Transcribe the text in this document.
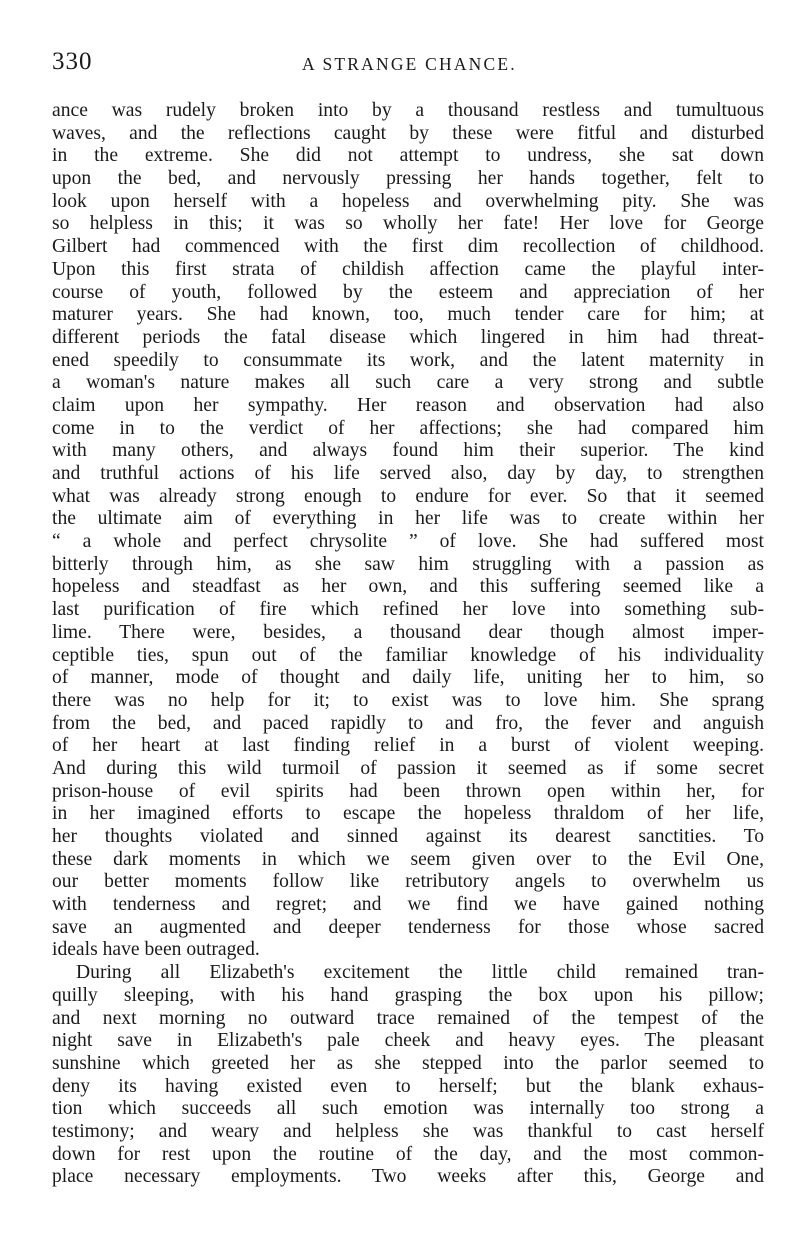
330	A STRANGE CHANCE.
ance was rudely broken into by a thousand restless and tumultuous
waves, and the reflections caught by these were fitful and disturbed
in the extreme. She did not attempt to undress, she sat down
upon the bed, and nervously pressing her hands together, felt to
look upon herself with a hopeless and overwhelming pity. She was
so helpless in this; it was so wholly her fate! Her love for George
Gilbert had commenced with the first dim recollection of childhood.
Upon this first strata of childish affection came the playful inter-
course of youth, followed by the esteem and appreciation of her
maturer years. She had known, too, much tender care for him; at
different periods the fatal disease which lingered in him had threat-
ened speedily to consummate its work, and the latent maternity in
a woman's nature makes all such care a very strong and subtle
claim upon her sympathy. Her reason and observation had also
come in to the verdict of her affections; she had compared him
with many others, and always found him their superior. The kind
and truthful actions of his life served also, day by day, to strengthen
what was already strong enough to endure for ever. So that it seemed
the ultimate aim of everything in her life was to create within her
“ a whole and perfect chrysolite ” of love. She had suffered most
bitterly through him, as she saw him struggling with a passion as
hopeless and steadfast as her own, and this suffering seemed like a
last purification of fire which refined her love into something sub-
lime. There were, besides, a thousand dear though almost imper-
ceptible ties, spun out of the familiar knowledge of his individuality
of manner, mode of thought and daily life, uniting her to him, so
there was no help for it; to exist was to love him. She sprang
from the bed, and paced rapidly to and fro, the fever and anguish
of her heart at last finding relief in a burst of violent weeping.
And during this wild turmoil of passion it seemed as if some secret
prison-house of evil spirits had been thrown open within her, for
in her imagined efforts to escape the hopeless thraldom of her life,
her thoughts violated and sinned against its dearest sanctities. To
these dark moments in which we seem given over to the Evil One,
our better moments follow like retributory angels to overwhelm us
with tenderness and regret; and we find we have gained nothing
save an augmented and deeper tenderness for those whose sacred
ideals have been outraged.
During all Elizabeth's excitement the little child remained tran-
quilly sleeping, with his hand grasping the box upon his pillow;
and next morning no outward trace remained of the tempest of the
night save in Elizabeth's pale cheek and heavy eyes. The pleasant
sunshine which greeted her as she stepped into the parlor seemed to
deny its having existed even to herself; but the blank exhaus-
tion which succeeds all such emotion was internally too strong a
testimony; and weary and helpless she was thankful to cast herself
down for rest upon the routine of the day, and the most common-
place necessary employments. Two weeks after this, George and
